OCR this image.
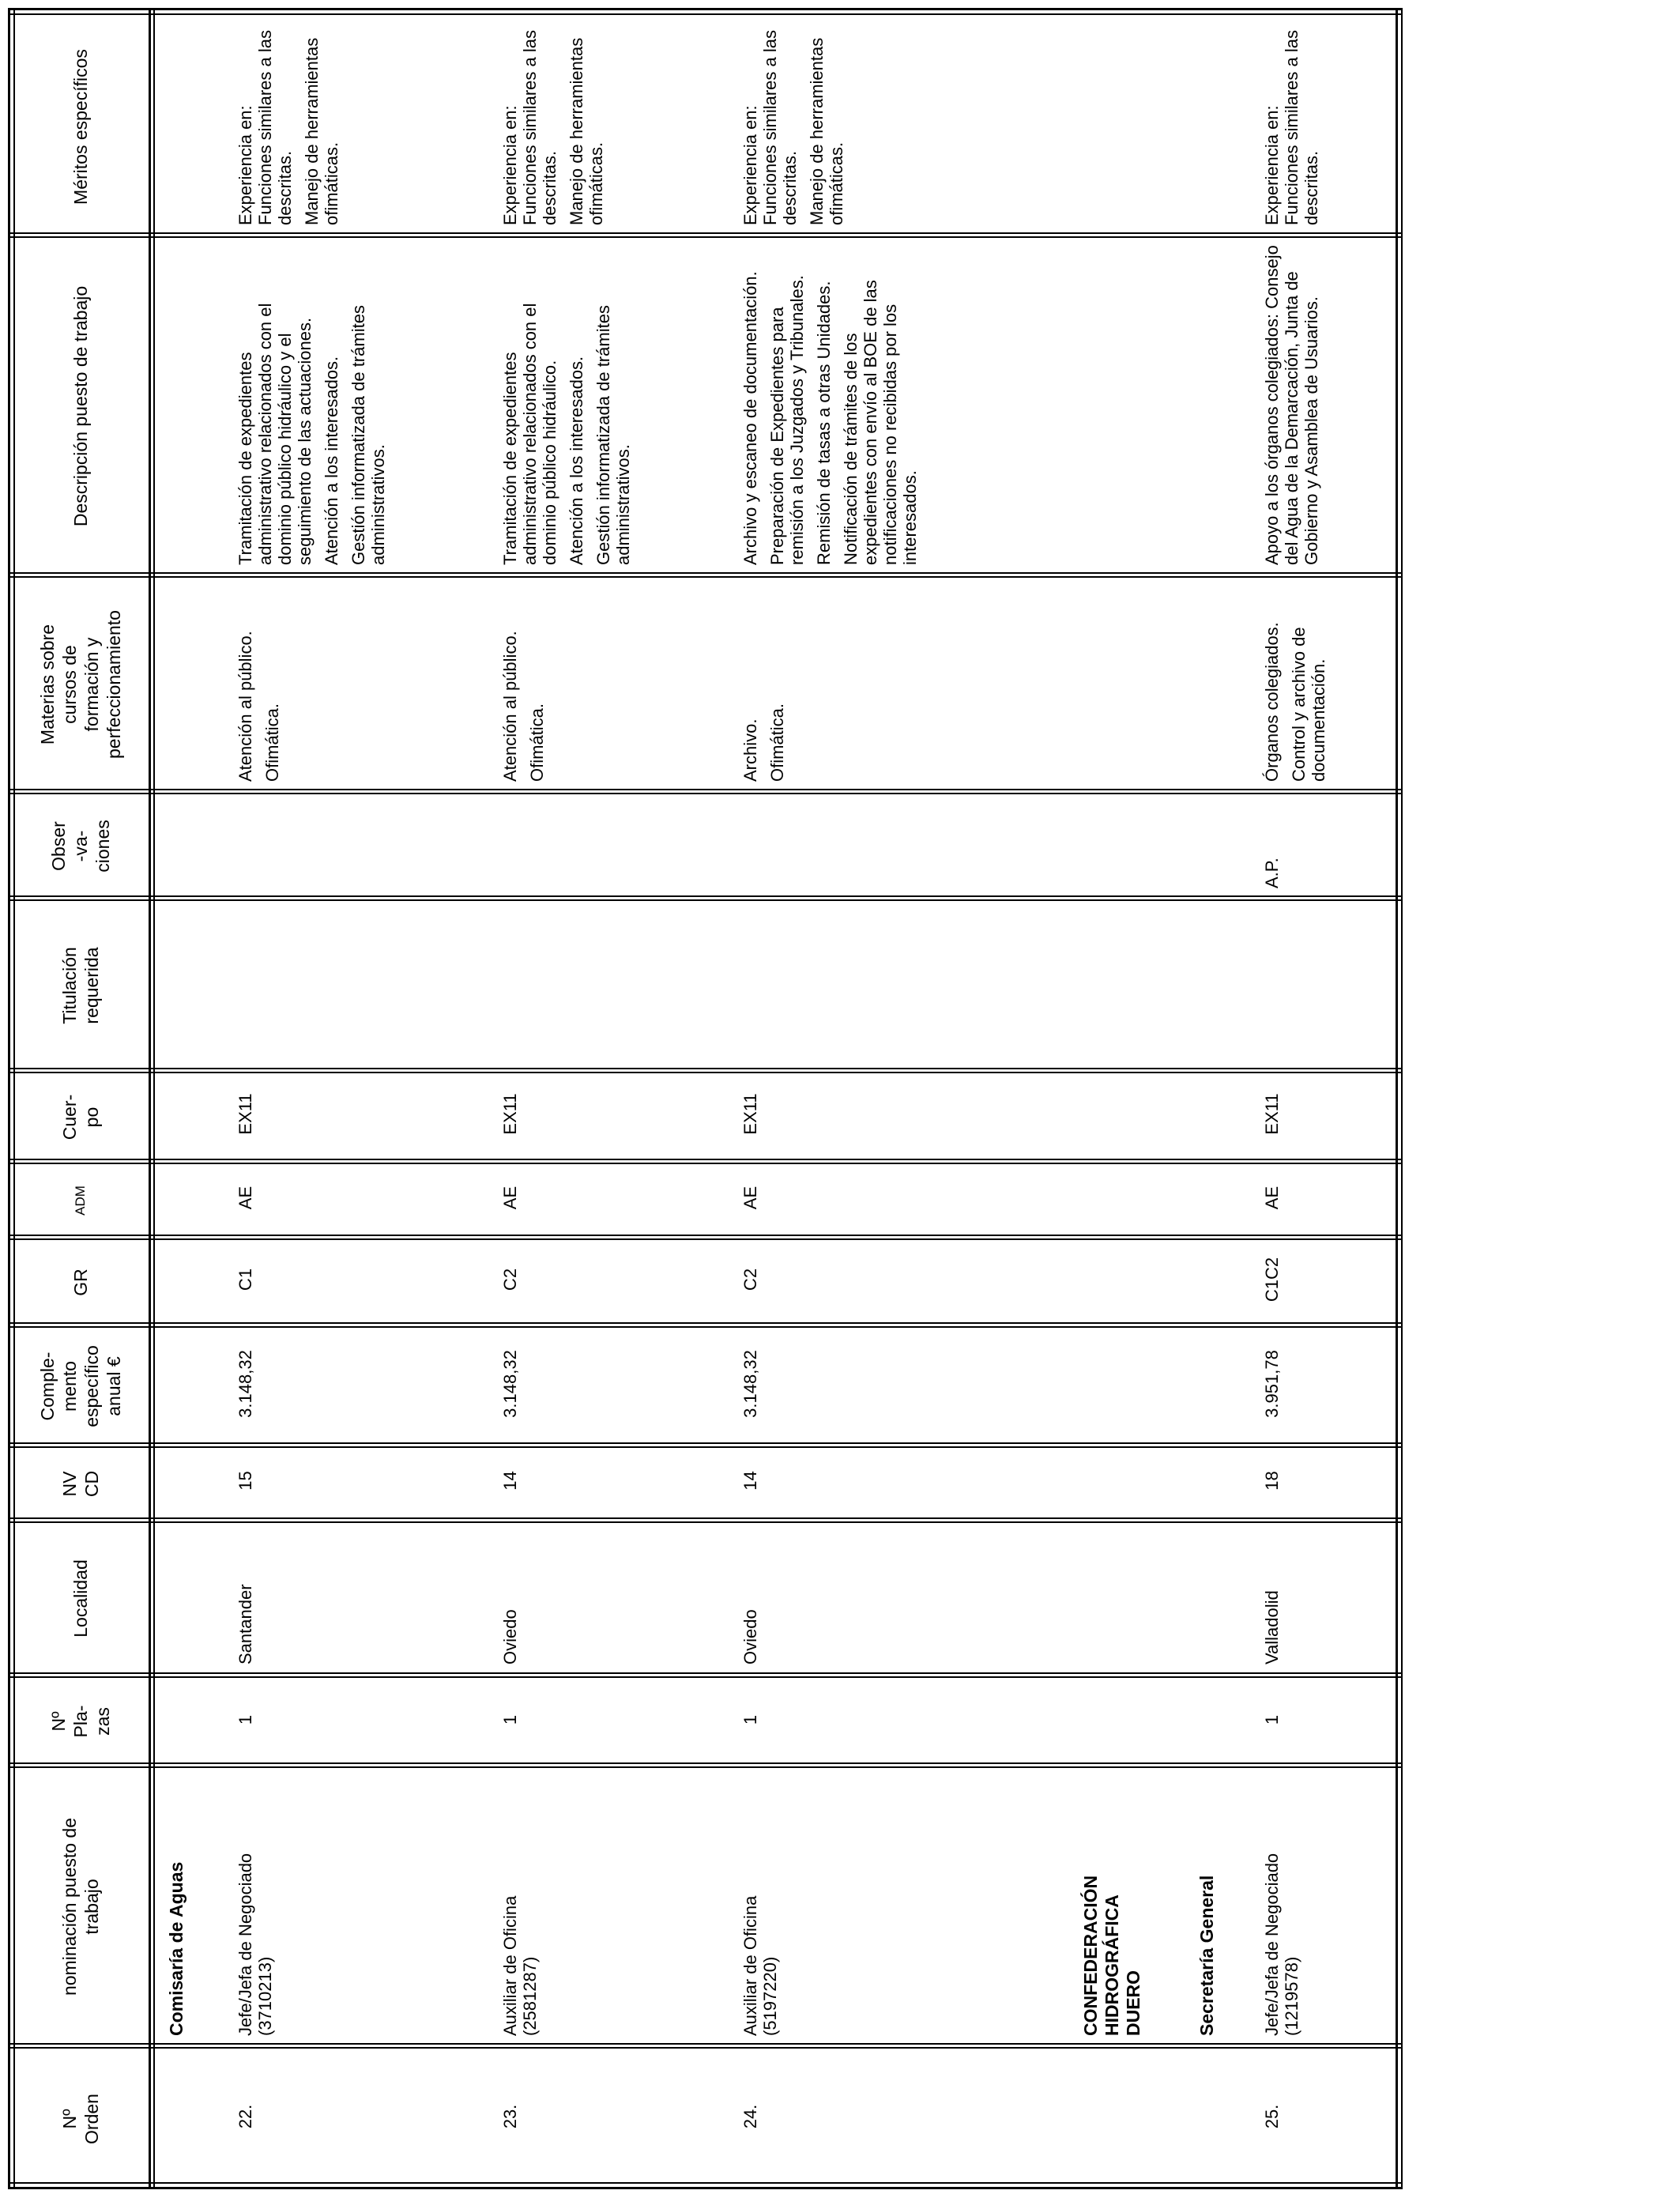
Nº
Orden
nominación puesto de
trabajo
Nº
Pla-
zas
Localidad
NV
CD
Comple-
mento
específico
anual €
GR
ADM
Cuer-
po
Titulación
requerida
Obser
-va-
ciones
Materias sobre
cursos de
formación y
perfeccionamiento
Descripción puesto de trabajo
Méritos específicos
Comisaría de Aguas	CONFEDERACIÓN
HIDROGRÁFICA
DUERO	Secretaría General
22.
Jefe/Jefa de Negociado
(3710213)
1
Santander
15
3.148,32
C1
AE
EX11
Atención al público. Ofimática.
Tramitación de expedientes administrativo relacionados con el dominio público hidráulico y el seguimiento de las actuaciones. Atención a los interesados. Gestión informatizada de trámites administrativos.
Experiencia en: Funciones similares a las descritas. Manejo de herramientas ofimáticas.
23.
Auxiliar de Oficina
(2581287)
1
Oviedo
14
3.148,32
C2
AE
EX11
Atención al público. Ofimática.
Tramitación de expedientes administrativo relacionados con el dominio público hidráulico. Atención a los interesados. Gestión informatizada de trámites administrativos.
Experiencia en: Funciones similares a las descritas. Manejo de herramientas ofimáticas.
24.
Auxiliar de Oficina
(5197220)
1
Oviedo
14
3.148,32
C2
AE
EX11
Archivo. Ofimática.
Archivo y escaneo de documentación. Preparación de Expedientes para remisión a los Juzgados y Tribunales. Remisión de tasas a otras Unidades. Notificación de trámites de los expedientes con envío al BOE de las notificaciones no recibidas por los interesados.
Experiencia en: Funciones similares a las descritas. Manejo de herramientas ofimáticas.
25.
Jefe/Jefa de Negociado
(1219578)
1
Valladolid
18
3.951,78
C1C2
AE
EX11
A.P.
Órganos colegiados. Control y archivo de documentación.
Apoyo a los órganos colegiados: Consejo del Agua de la Demarcación, Junta de Gobierno y Asamblea de Usuarios.
Experiencia en: Funciones similares a las descritas.
